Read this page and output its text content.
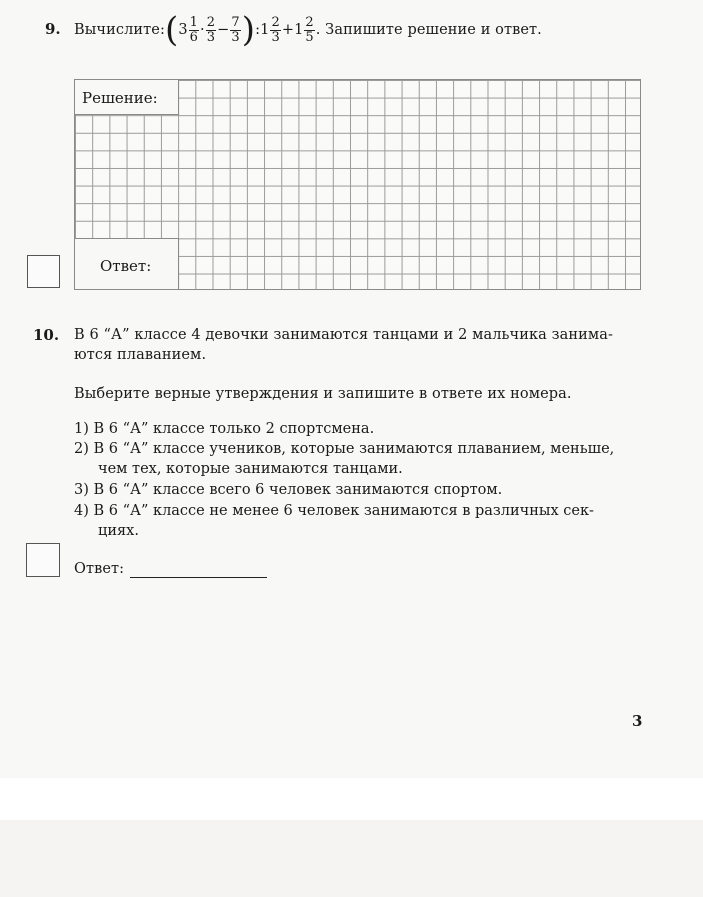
9. Вычислите:(3 $\frac{1}{6} \cdot \frac{2}{3} - \frac{7}{3}$ ):1 $\frac{2}{3} +1 \frac{2}{5}$ . Запишите решение и ответ.
Решение:
Ответ:
10. В 6 “А” классе 4 девочки занимаются танцами и 2 мальчика занима-
ются плаванием.
Выберите верные утверждения и запишите в ответе их номера.
1) В 6 “А” классе только 2 спортсмена.
2) В 6 “А” классе учеников, которые занимаются плаванием, меньше,
чем тех, которые занимаются танцами.
3) В 6 “А” классе всего 6 человек занимаются спортом.
4) В 6 “А” классе не менее 6 человек занимаются в различных сек-
циях.
Ответ:
3
